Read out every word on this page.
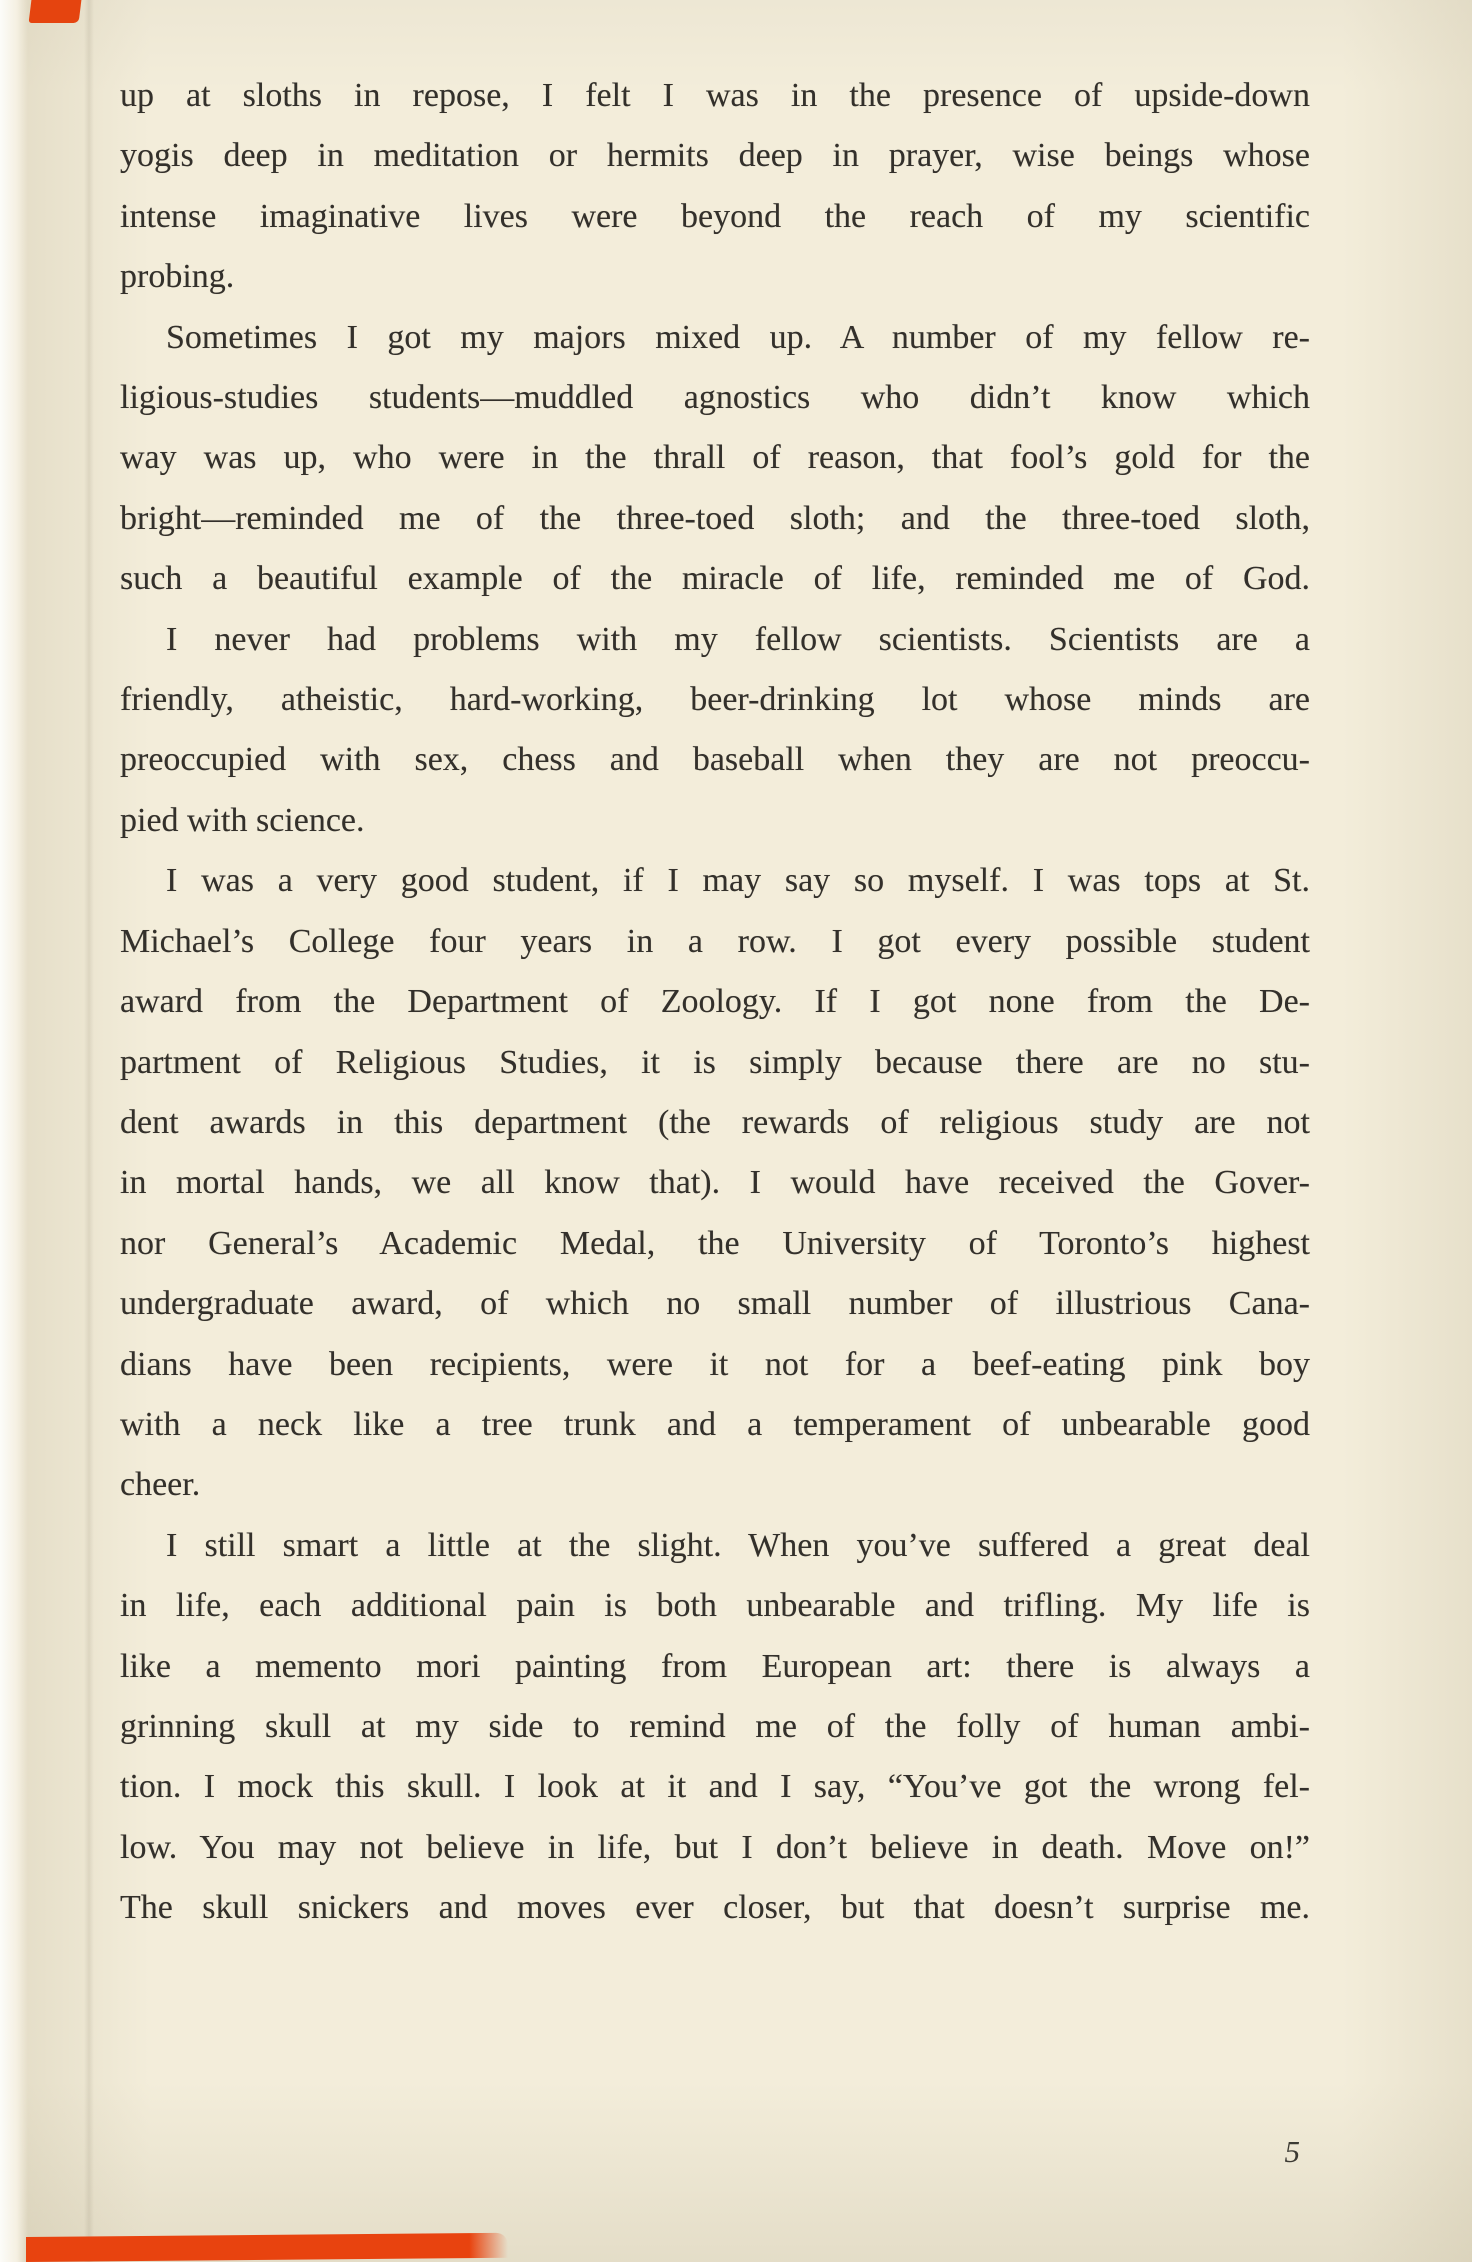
up at sloths in repose, I felt I was in the presence of upside-down
yogis deep in meditation or hermits deep in prayer, wise beings whose
intense imaginative lives were beyond the reach of my scientific
probing.
Sometimes I got my majors mixed up. A number of my fellow re-
ligious-studies students—muddled agnostics who didn’t know which
way was up, who were in the thrall of reason, that fool’s gold for the
bright—reminded me of the three-toed sloth; and the three-toed sloth,
such a beautiful example of the miracle of life, reminded me of God.
I never had problems with my fellow scientists. Scientists are a
friendly, atheistic, hard-working, beer-drinking lot whose minds are
preoccupied with sex, chess and baseball when they are not preoccu-
pied with science.
I was a very good student, if I may say so myself. I was tops at St.
Michael’s College four years in a row. I got every possible student
award from the Department of Zoology. If I got none from the De-
partment of Religious Studies, it is simply because there are no stu-
dent awards in this department (the rewards of religious study are not
in mortal hands, we all know that). I would have received the Gover-
nor General’s Academic Medal, the University of Toronto’s highest
undergraduate award, of which no small number of illustrious Cana-
dians have been recipients, were it not for a beef-eating pink boy
with a neck like a tree trunk and a temperament of unbearable good
cheer.
I still smart a little at the slight. When you’ve suffered a great deal
in life, each additional pain is both unbearable and trifling. My life is
like a memento mori painting from European art: there is always a
grinning skull at my side to remind me of the folly of human ambi-
tion. I mock this skull. I look at it and I say, “You’ve got the wrong fel-
low. You may not believe in life, but I don’t believe in death. Move on!”
The skull snickers and moves ever closer, but that doesn’t surprise me.
5
